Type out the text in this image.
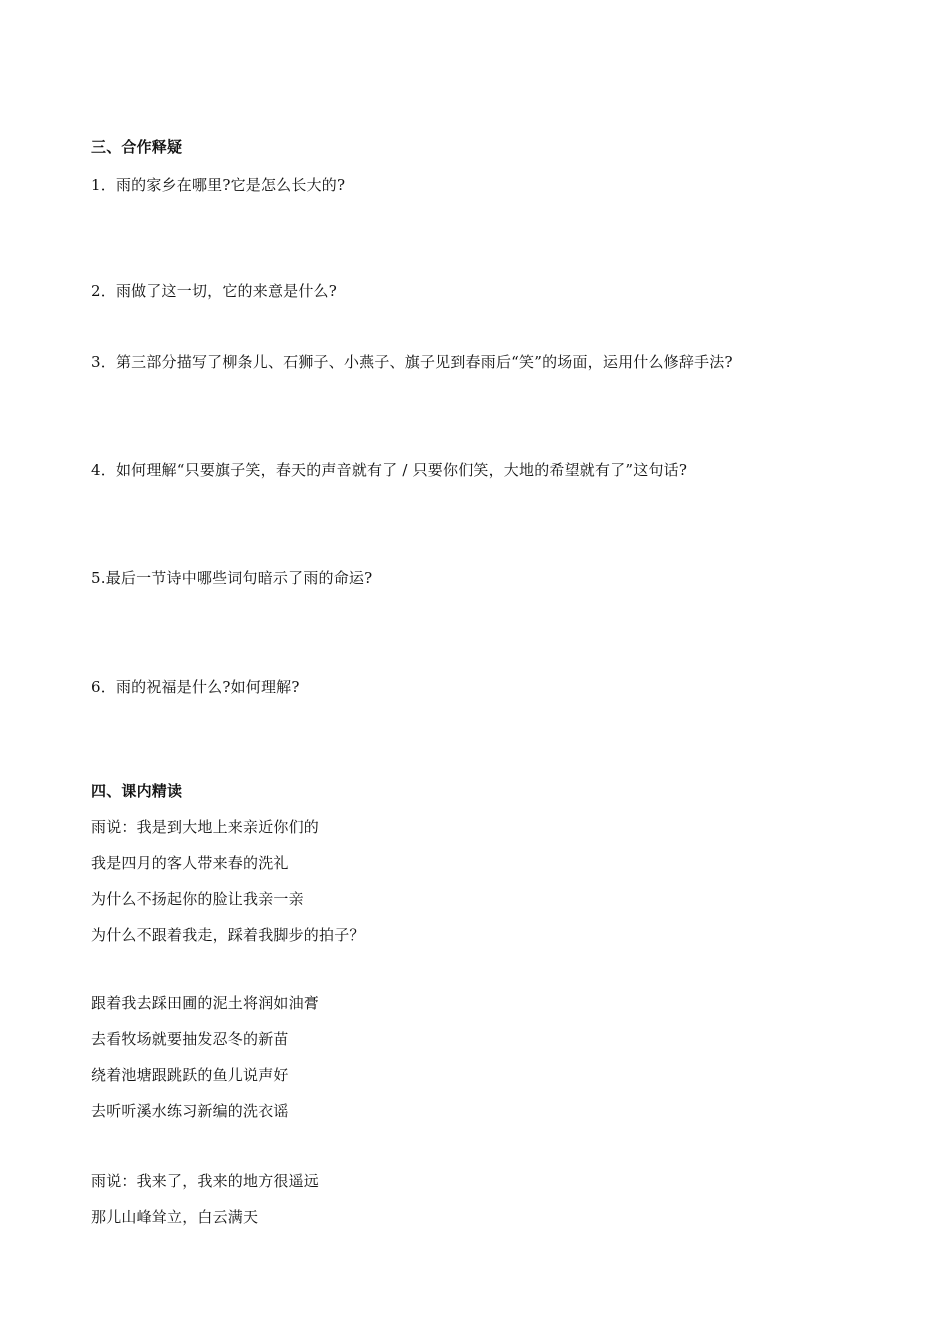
三、合作释疑
1．雨的家乡在哪里?它是怎么长大的?
2．雨做了这一切，它的来意是什么?
3．第三部分描写了柳条儿、石狮子、小燕子、旗子见到春雨后“笑”的场面，运用什么修辞手法?
4．如何理解“只要旗子笑，春天的声音就有了 / 只要你们笑，大地的希望就有了”这句话?
5.最后一节诗中哪些词句暗示了雨的命运?
6．雨的祝福是什么?如何理解?
四、课内精读
雨说：我是到大地上来亲近你们的
我是四月的客人带来春的洗礼
为什么不扬起你的脸让我亲一亲
为什么不跟着我走，踩着我脚步的拍子？
跟着我去踩田圃的泥土将润如油膏
去看牧场就要抽发忍冬的新苗
绕着池塘跟跳跃的鱼儿说声好
去听听溪水练习新编的洗衣谣
雨说：我来了，我来的地方很遥远
那儿山峰耸立，白云满天
